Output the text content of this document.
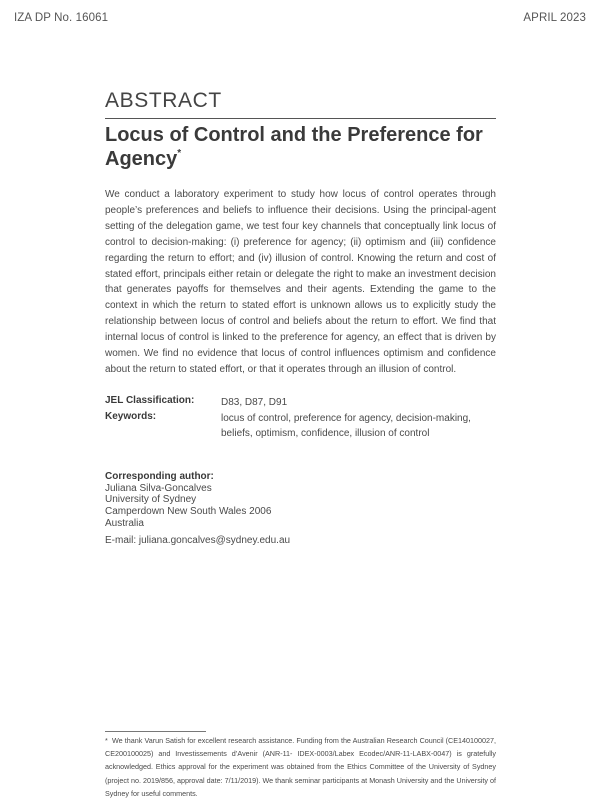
IZA DP No. 16061	APRIL 2023
ABSTRACT
Locus of Control and the Preference for Agency*

We conduct a laboratory experiment to study how locus of control operates through people’s preferences and beliefs to influence their decisions. Using the principal-agent setting of the delegation game, we test four key channels that conceptually link locus of control to decision-making: (i) preference for agency; (ii) optimism and (iii) confidence regarding the return to effort; and (iv) illusion of control. Knowing the return and cost of stated effort, principals either retain or delegate the right to make an investment decision that generates payoffs for themselves and their agents. Extending the game to the context in which the return to stated effort is unknown allows us to explicitly study the relationship between locus of control and beliefs about the return to effort. We find that internal locus of control is linked to the preference for agency, an effect that is driven by women. We find no evidence that locus of control influences optimism and confidence about the return to stated effort, or that it operates through an illusion of control.

JEL Classification:	D83, D87, D91
Keywords:	locus of control, preference for agency, decision-making, beliefs, optimism, confidence, illusion of control
Corresponding author:
Juliana Silva-Goncalves
University of Sydney
Camperdown New South Wales 2006
Australia
E-mail: juliana.goncalves@sydney.edu.au

* We thank Varun Satish for excellent research assistance. Funding from the Australian Research Council (CE140100027, CE200100025) and Investissements d’Avenir (ANR-11- IDEX-0003/Labex Ecodec/ANR-11-LABX-0047) is gratefully acknowledged. Ethics approval for the experiment was obtained from the Ethics Committee of the University of Sydney (project no. 2019/856, approval date: 7/11/2019). We thank seminar participants at Monash University and the University of Sydney for useful comments.
